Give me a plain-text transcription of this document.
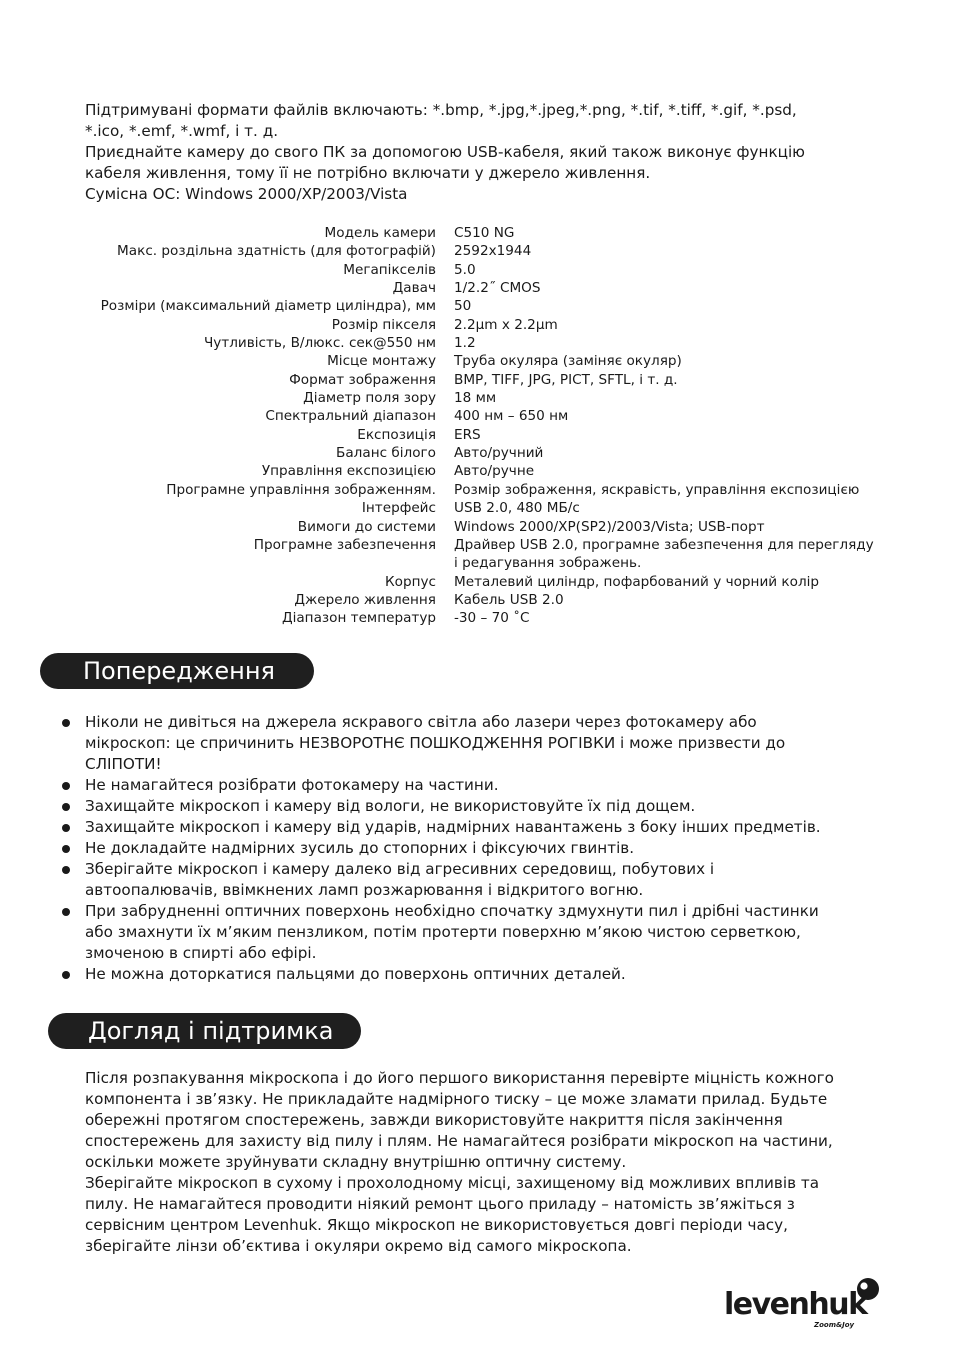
Підтримувані формати файлів включають: *.bmp, *.jpg,*.jpeg,*.png, *.tif, *.tiff, *.gif, *.psd,

*.ico, *.emf, *.wmf, і т. д.

Приєднайте камеру до свого ПК за допомогою USB-кабеля, який також виконує функцію

кабеля живлення, тому її не потрібно включати у джерело живлення.

Сумісна ОС: Windows 2000/XP/2003/Vista

Модель камери	C510 NG
Макс. роздільна здатність (для фотографій)	2592x1944
Мегапікселів	5.0
Давач	1/2.2˝ CMOS
Розміри (максимальний діаметр циліндра), мм	50
Розмір пікселя	2.2μm x 2.2μm
Чутливість, В/люкс. сек@550 нм	1.2
Місце монтажу	Труба окуляра (заміняє окуляр)
Формат зображення	BMP, TIFF, JPG, PICT, SFTL, і т. д.
Діаметр поля зору	18 мм
Спектральний діапазон	400 нм – 650 нм
Експозиція	ERS
Баланс білого	Авто/ручний
Управління експозицією	Авто/ручне
Програмне управління зображенням.	Розмір зображення, яскравість, управління експозицією
Інтерфейс	USB 2.0, 480 МБ/с
Вимоги до системи	Windows 2000/XP(SP2)/2003/Vista; USB-порт
Програмне забезпечення	Драйвер USB 2.0, програмне забезпечення для перегляду
і редагування зображень.
Корпус	Металевий циліндр, пофарбований у чорний колір
Джерело живлення	Кабель USB 2.0
Діапазон температур	-30 – 70 ˚C
Попередження
Ніколи не дивіться на джерела яскравого світла або лазери через фотокамеру або
мікроскоп: це спричинить НЕЗВОРОТНЄ ПОШКОДЖЕННЯ РОГІВКИ і може призвести до
СЛІПОТИ!
Не намагайтеся розібрати фотокамеру на частини.
Захищайте мікроскоп і камеру від вологи, не використовуйте їх під дощем.
Захищайте мікроскоп і камеру від ударів, надмірних навантажень з боку інших предметів.
Не докладайте надмірних зусиль до стопорних і фіксуючих гвинтів.
Зберігайте мікроскоп і камеру далеко від агресивних середовищ, побутових і
автоопалювачів, ввімкнених ламп розжарювання і відкритого вогню.
При забрудненні оптичних поверхонь необхідно спочатку здмухнути пил і дрібні частинки
або змахнути їх м’яким пензликом, потім протерти поверхню м’якою чистою серветкою,
змоченою в спирті або ефірі.
Не можна доторкатися пальцями до поверхонь оптичних деталей.
Догляд і підтримка

Після розпакування мікроскопа і до його першого використання перевірте міцність кожного

компонента і зв’язку. Не прикладайте надмірного тиску – це може зламати прилад. Будьте

обережні протягом спостережень, завжди використовуйте накриття після закінчення

спостережень для захисту від пилу і плям. Не намагайтеся розібрати мікроскоп на частини,

оскільки можете зруйнувати складну внутрішню оптичну систему.

Зберігайте мікроскоп в сухому і прохолодному місці, захищеному від можливих впливів та

пилу. Не намагайтеся проводити ніякий ремонт цього приладу – натомість зв’яжіться з

сервісним центром Levenhuk. Якщо мікроскоп не використовується довгі періоди часу,

зберігайте лінзи об’єктива і окуляри окремо від самого мікроскопа.

levenhuk
Zoom&Joy
